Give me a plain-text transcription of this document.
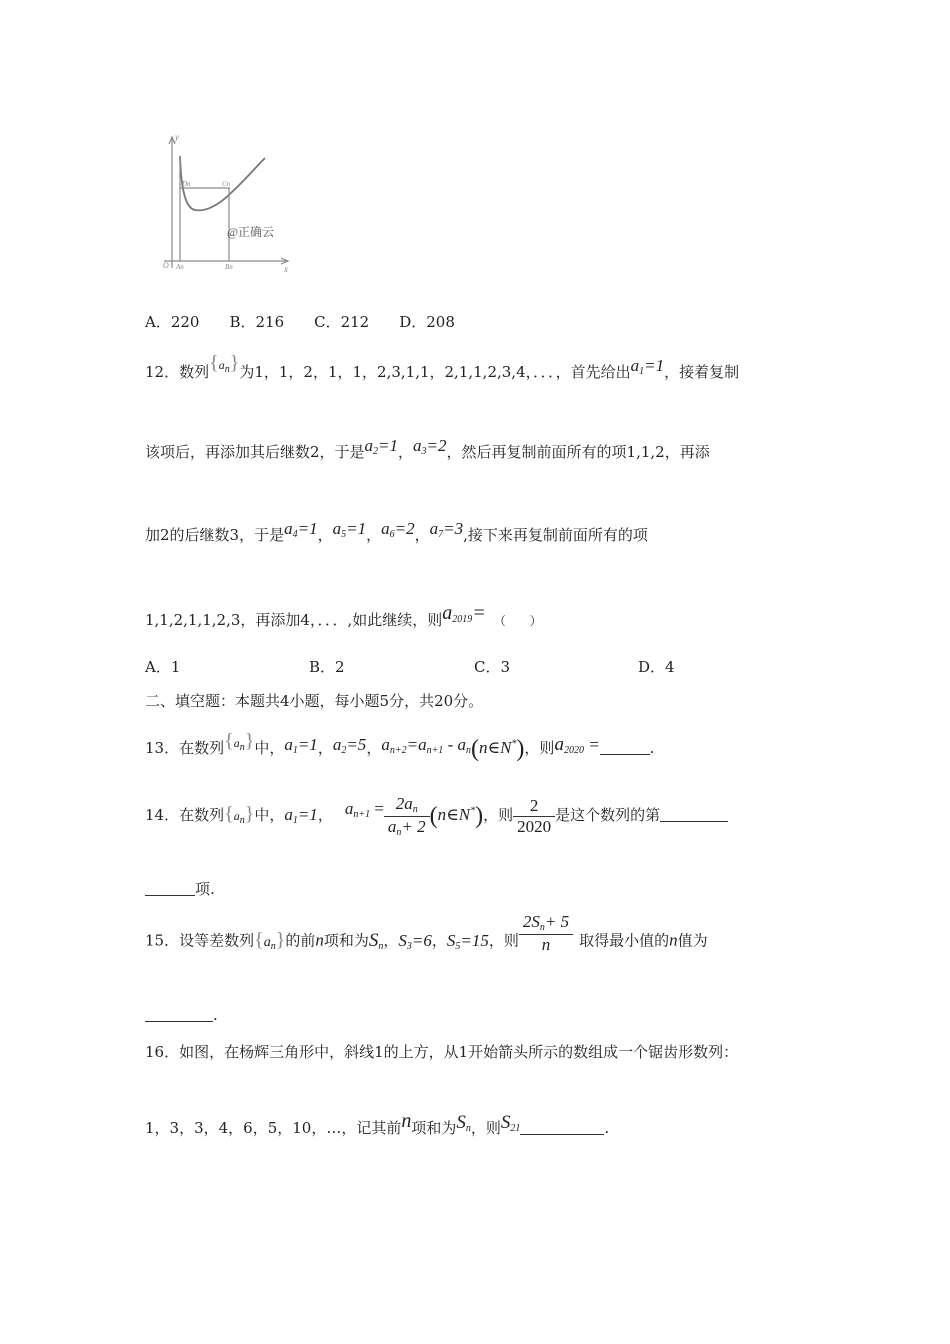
y
x
O
Dn	Cn
An	Bn
@正确云
A．220　　B．216　　C．212　　D．208
12．数列$^{\{a_n\}}$为1，1，2，1，1，2,3,1,1，2,1,1,2,3,4，．．．，首先给出a1=1，接着复制
该项后，再添加其后继数2，于是a2=1，a3=2，然后再复制前面所有的项1,1,2，再添
加2的后继数3，于是a4=1，a5=1，a6=2，a7=3,接下来再复制前面所有的项
1,1,2,1,1,2,3，再添加4，．．．,如此继续，则a2019= （　　）
A．1	B．2	C．3	D．4
二、填空题：本题共4小题，每小题5分，共20分。
13．在数列$^{\{a_n\}}$中，a1=1，a2=5，an+2=an+1 - an(n∈N*)，则a2020 =	.
14．在数列$\{a_n\}$中，a1=1， $an+1 = \frac{2an}{an+ 2}$ (n∈N*)，则 $\frac{2}{2020}$ 是这个数列的第
项.
15．设等差数列$\{a_n\}$的前n项和为Sn，S3=6，S5=15，则 $\frac{2Sn+ 5}{n}$ 取得最小值的n值为
.
16．如图，在杨辉三角形中，斜线1的上方，从1开始箭头所示的数组成一个锯齿形数列：
1，3，3，4，6，5，10，…，记其前n项和为Sn，则S21	.
